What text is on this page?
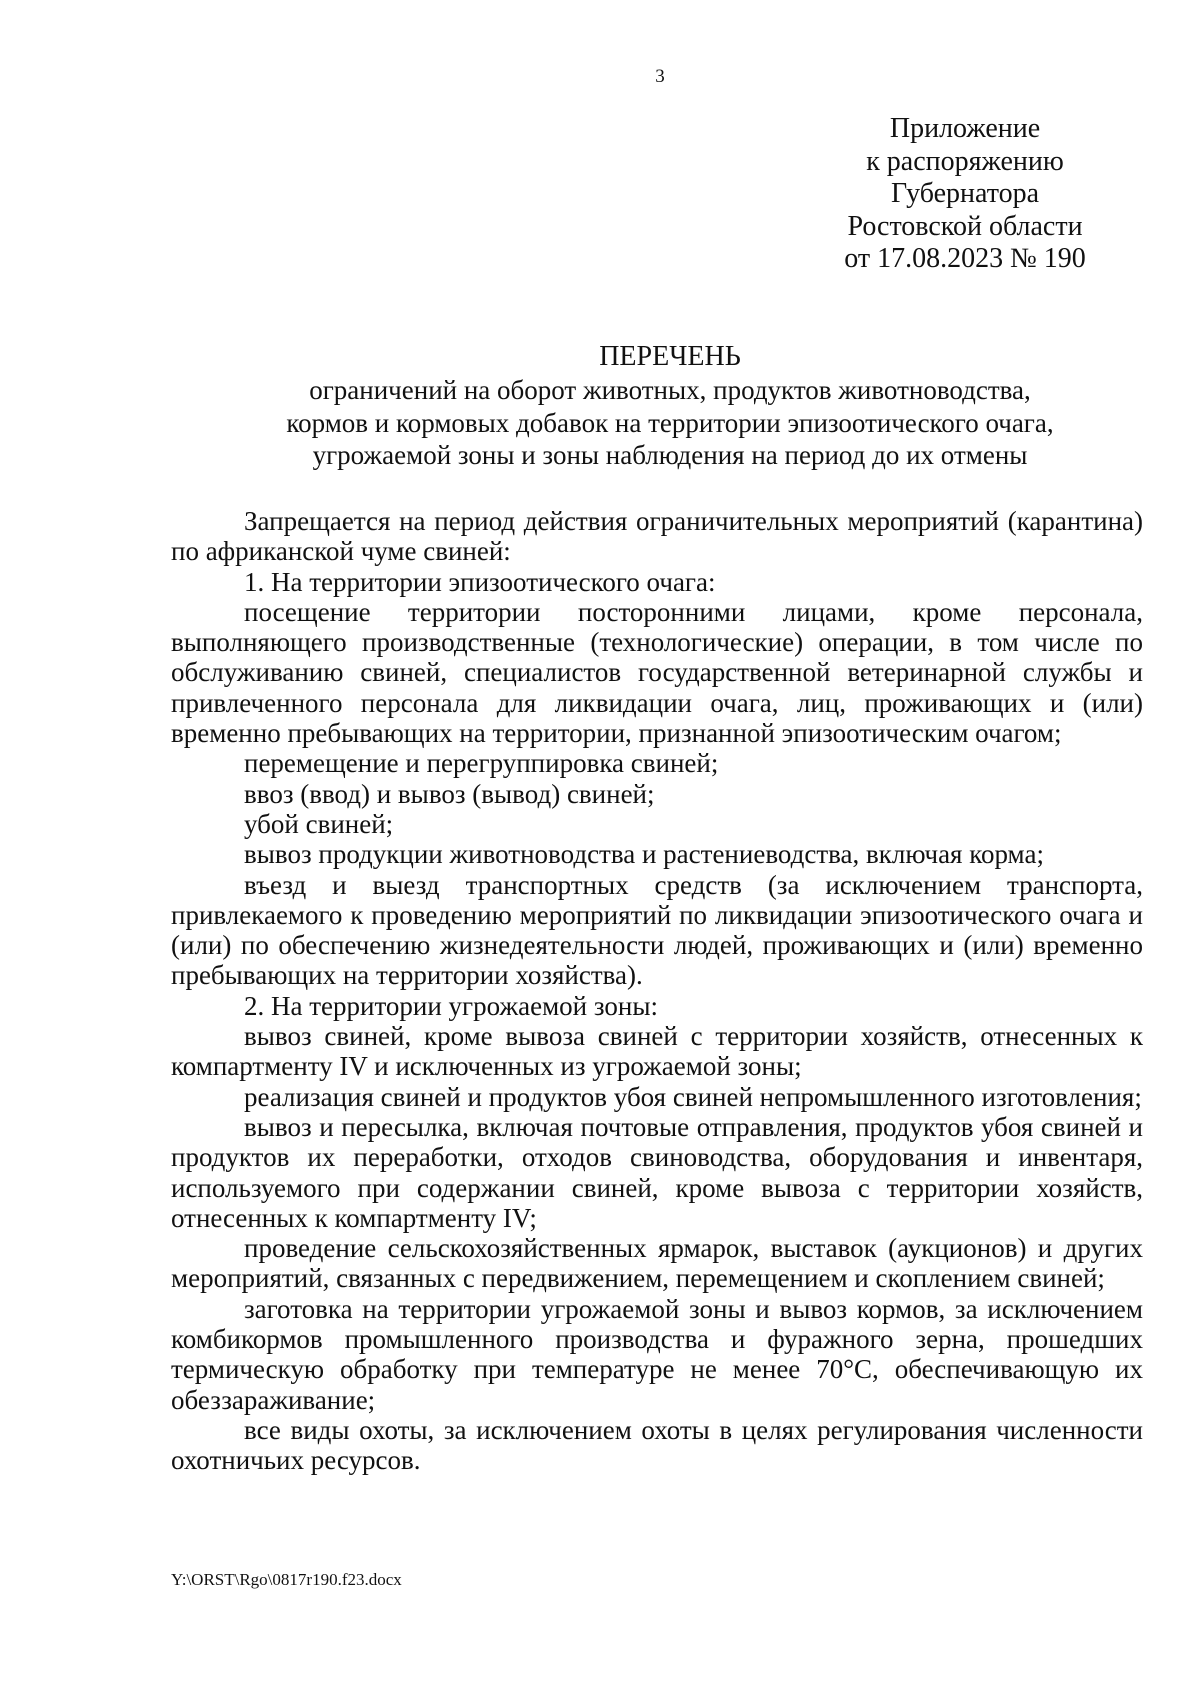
3
Приложение
к распоряжению
Губернатора
Ростовской области
от 17.08.2023 № 190
ПЕРЕЧЕНЬ
ограничений на оборот животных, продуктов животноводства,
кормов и кормовых добавок на территории эпизоотического очага,
угрожаемой зоны и зоны наблюдения на период до их отмены

Запрещается на период действия ограничительных мероприятий (карантина) по африканской чуме свиней:

1. На территории эпизоотического очага:

посещение территории посторонними лицами, кроме персонала, выполняющего производственные (технологические) операции, в том числе по обслуживанию свиней, специалистов государственной ветеринарной службы и привлеченного персонала для ликвидации очага, лиц, проживающих и (или) временно пребывающих на территории, признанной эпизоотическим очагом;

перемещение и перегруппировка свиней;

ввоз (ввод) и вывоз (вывод) свиней;

убой свиней;

вывоз продукции животноводства и растениеводства, включая корма;

въезд и выезд транспортных средств (за исключением транспорта, привлекаемого к проведению мероприятий по ликвидации эпизоотического очага и (или) по обеспечению жизнедеятельности людей, проживающих и (или) временно пребывающих на территории хозяйства).

2. На территории угрожаемой зоны:

вывоз свиней, кроме вывоза свиней с территории хозяйств, отнесенных к компартменту IV и исключенных из угрожаемой зоны;

реализация свиней и продуктов убоя свиней непромышленного изготовления;

вывоз и пересылка, включая почтовые отправления, продуктов убоя свиней и продуктов их переработки, отходов свиноводства, оборудования и инвентаря, используемого при содержании свиней, кроме вывоза с территории хозяйств, отнесенных к компартменту IV;

проведение сельскохозяйственных ярмарок, выставок (аукционов) и других мероприятий, связанных с передвижением, перемещением и скоплением свиней;

заготовка на территории угрожаемой зоны и вывоз кормов, за исключением комбикормов промышленного производства и фуражного зерна, прошедших термическую обработку при температуре не менее 70°C, обеспечивающую их обеззараживание;

все виды охоты, за исключением охоты в целях регулирования численности охотничьих ресурсов.

Y:\ORST\Rgo\0817r190.f23.docx
